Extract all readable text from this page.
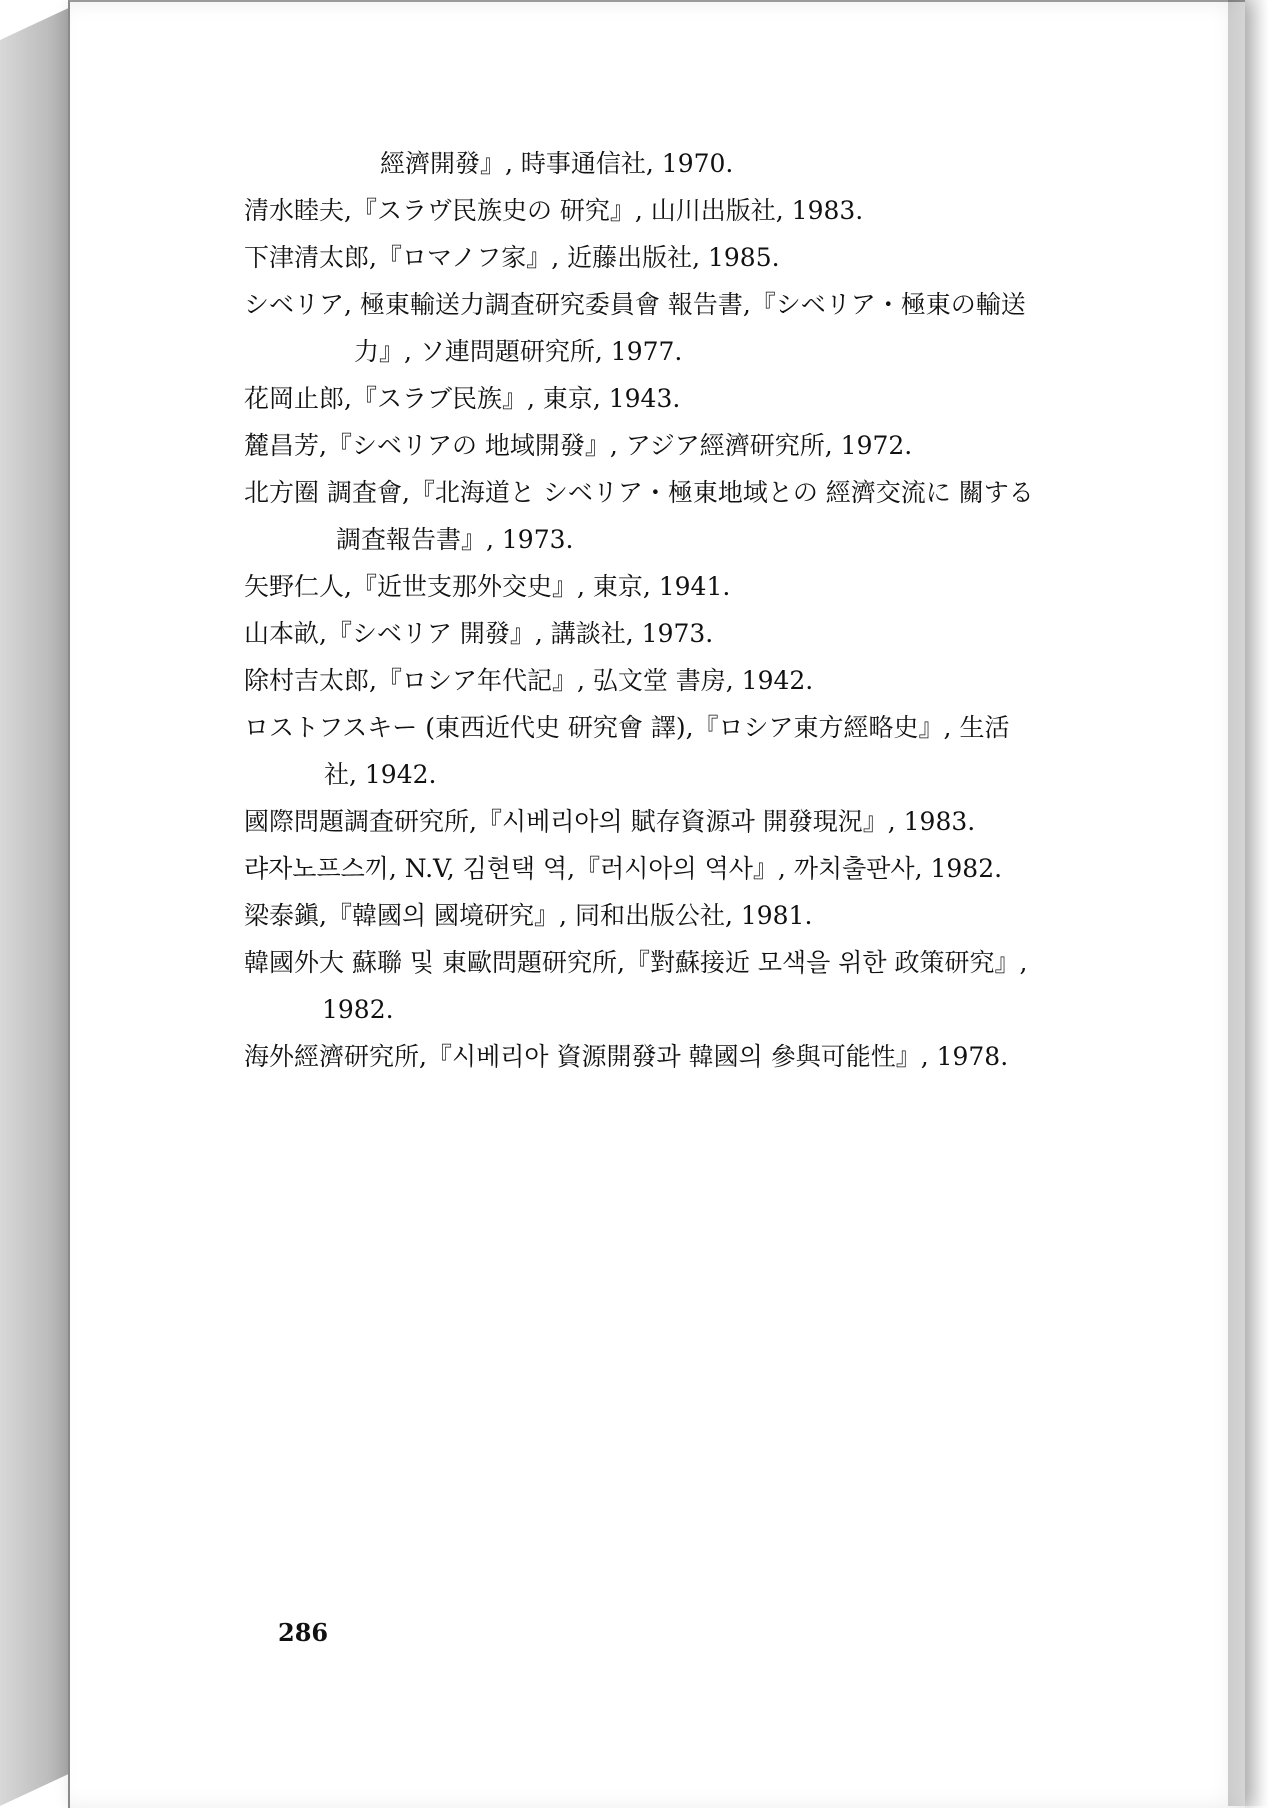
經濟開發』, 時事通信社, 1970.
清水睦夫,『スラヴ民族史の 研究』, 山川出版社, 1983.
下津清太郎,『ロマノフ家』, 近藤出版社, 1985.
シベリア, 極東輸送力調査研究委員會 報告書,『シベリア・極東の輸送
力』, ソ連問題研究所, 1977.
花岡止郎,『スラブ民族』, 東京, 1943.
麓昌芳,『シベリアの 地域開發』, アジア經濟研究所, 1972.
北方圈 調査會,『北海道と シベリア・極東地域との 經濟交流に 關する
調査報告書』, 1973.
矢野仁人,『近世支那外交史』, 東京, 1941.
山本畝,『シベリア 開發』, 講談社, 1973.
除村吉太郎,『ロシア年代記』, 弘文堂 書房, 1942.
ロストフスキー (東西近代史 研究會 譯),『ロシア東方經略史』, 生活
社, 1942.
國際問題調査研究所,『시베리아의 賦存資源과 開發現況』, 1983.
랴자노프스끼, N.V, 김현택 역,『러시아의 역사』, 까치출판사, 1982.
梁泰鎭,『韓國의 國境研究』, 同和出版公社, 1981.
韓國外大 蘇聯 및 東歐問題研究所,『對蘇接近 모색을 위한 政策研究』,
1982.
海外經濟研究所,『시베리아 資源開發과 韓國의 參與可能性』, 1978.
286
